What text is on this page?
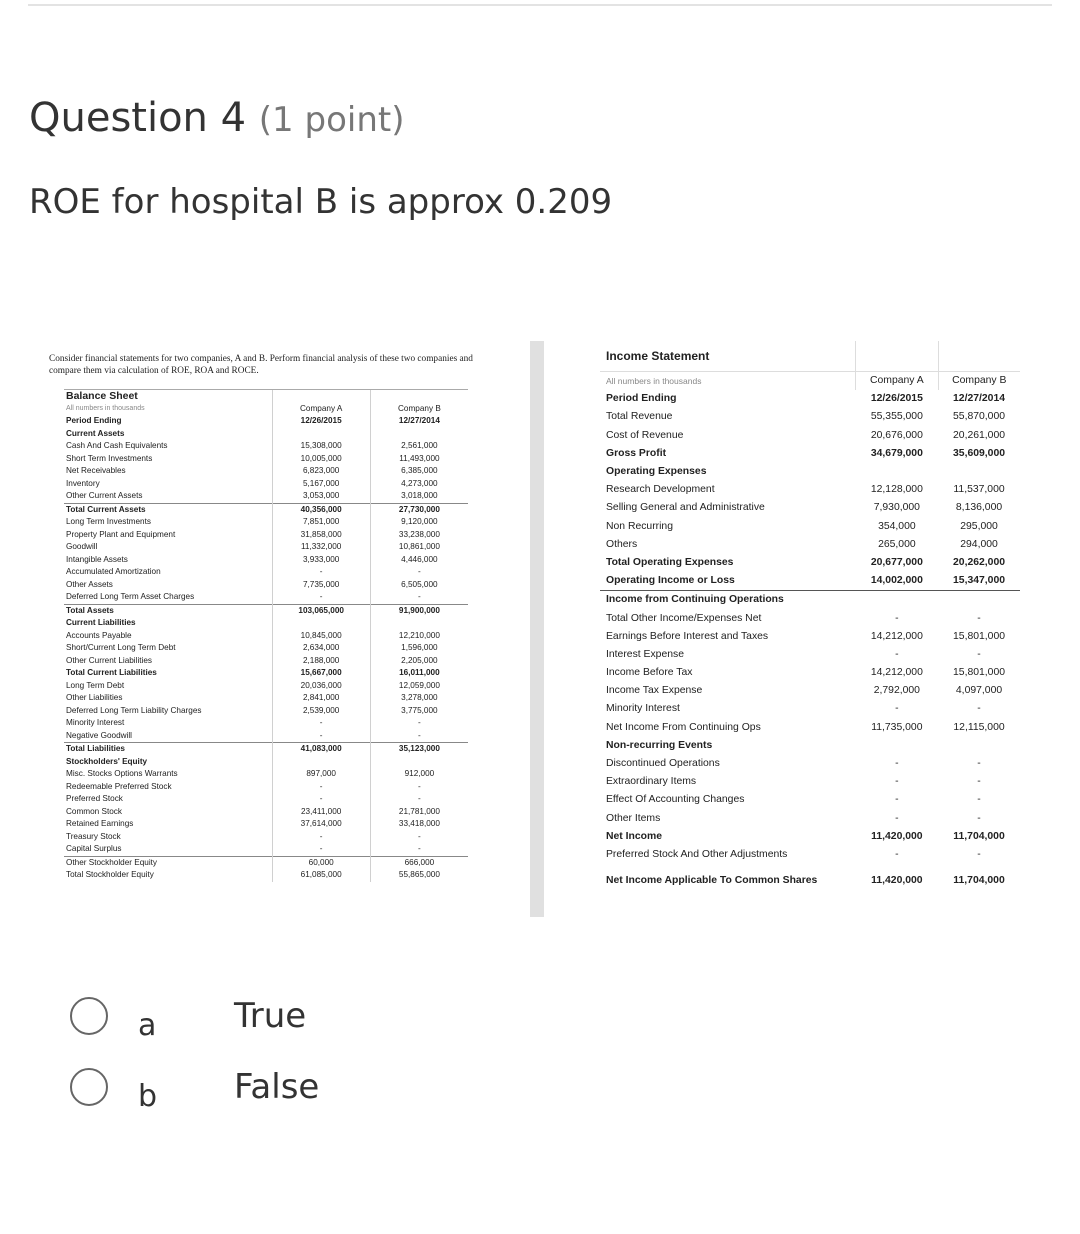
Question 4 (1 point)
ROE for hospital B is approx 0.209
Consider financial statements for two companies, A and B. Perform financial analysis of these two companies and compare them via calculation of ROE, ROA and ROCE.
Balance Sheet		
All numbers in thousands	Company A	Company B
Period Ending	12/26/2015	12/27/2014
Current Assets		
Cash And Cash Equivalents	15,308,000	2,561,000
Short Term Investments	10,005,000	11,493,000
Net Receivables	6,823,000	6,385,000
Inventory	5,167,000	4,273,000
Other Current Assets	3,053,000	3,018,000
Total Current Assets	40,356,000	27,730,000
Long Term Investments	7,851,000	9,120,000
Property Plant and Equipment	31,858,000	33,238,000
Goodwill	11,332,000	10,861,000
Intangible Assets	3,933,000	4,446,000
Accumulated Amortization	-	-
Other Assets	7,735,000	6,505,000
Deferred Long Term Asset Charges	-	-
Total Assets	103,065,000	91,900,000
Current Liabilities		
Accounts Payable	10,845,000	12,210,000
Short/Current Long Term Debt	2,634,000	1,596,000
Other Current Liabilities	2,188,000	2,205,000
Total Current Liabilities	15,667,000	16,011,000
Long Term Debt	20,036,000	12,059,000
Other Liabilities	2,841,000	3,278,000
Deferred Long Term Liability Charges	2,539,000	3,775,000
Minority Interest	-	-
Negative Goodwill	-	-
Total Liabilities	41,083,000	35,123,000
Stockholders' Equity		
Misc. Stocks Options Warrants	897,000	912,000
Redeemable Preferred Stock	-	-
Preferred Stock	-	-
Common Stock	23,411,000	21,781,000
Retained Earnings	37,614,000	33,418,000
Treasury Stock	-	-
Capital Surplus	-	-
Other Stockholder Equity	60,000	666,000
Total Stockholder Equity	61,085,000	55,865,000
Income Statement		
All numbers in thousands	Company A	Company B
Period Ending	12/26/2015	12/27/2014
Total Revenue	55,355,000	55,870,000
Cost of Revenue	20,676,000	20,261,000
Gross Profit	34,679,000	35,609,000
Operating Expenses		
Research Development	12,128,000	11,537,000
Selling General and Administrative	7,930,000	8,136,000
Non Recurring	354,000	295,000
Others	265,000	294,000
Total Operating Expenses	20,677,000	20,262,000
Operating Income or Loss	14,002,000	15,347,000
Income from Continuing Operations		
Total Other Income/Expenses Net	-	-
Earnings Before Interest and Taxes	14,212,000	15,801,000
Interest Expense	-	-
Income Before Tax	14,212,000	15,801,000
Income Tax Expense	2,792,000	4,097,000
Minority Interest	-	-
Net Income From Continuing Ops	11,735,000	12,115,000
Non-recurring Events		
Discontinued Operations	-	-
Extraordinary Items	-	-
Effect Of Accounting Changes	-	-
Other Items	-	-
Net Income	11,420,000	11,704,000
Preferred Stock And Other Adjustments	-	-
Net Income Applicable To Common Shares	11,420,000	11,704,000
a True
b False
